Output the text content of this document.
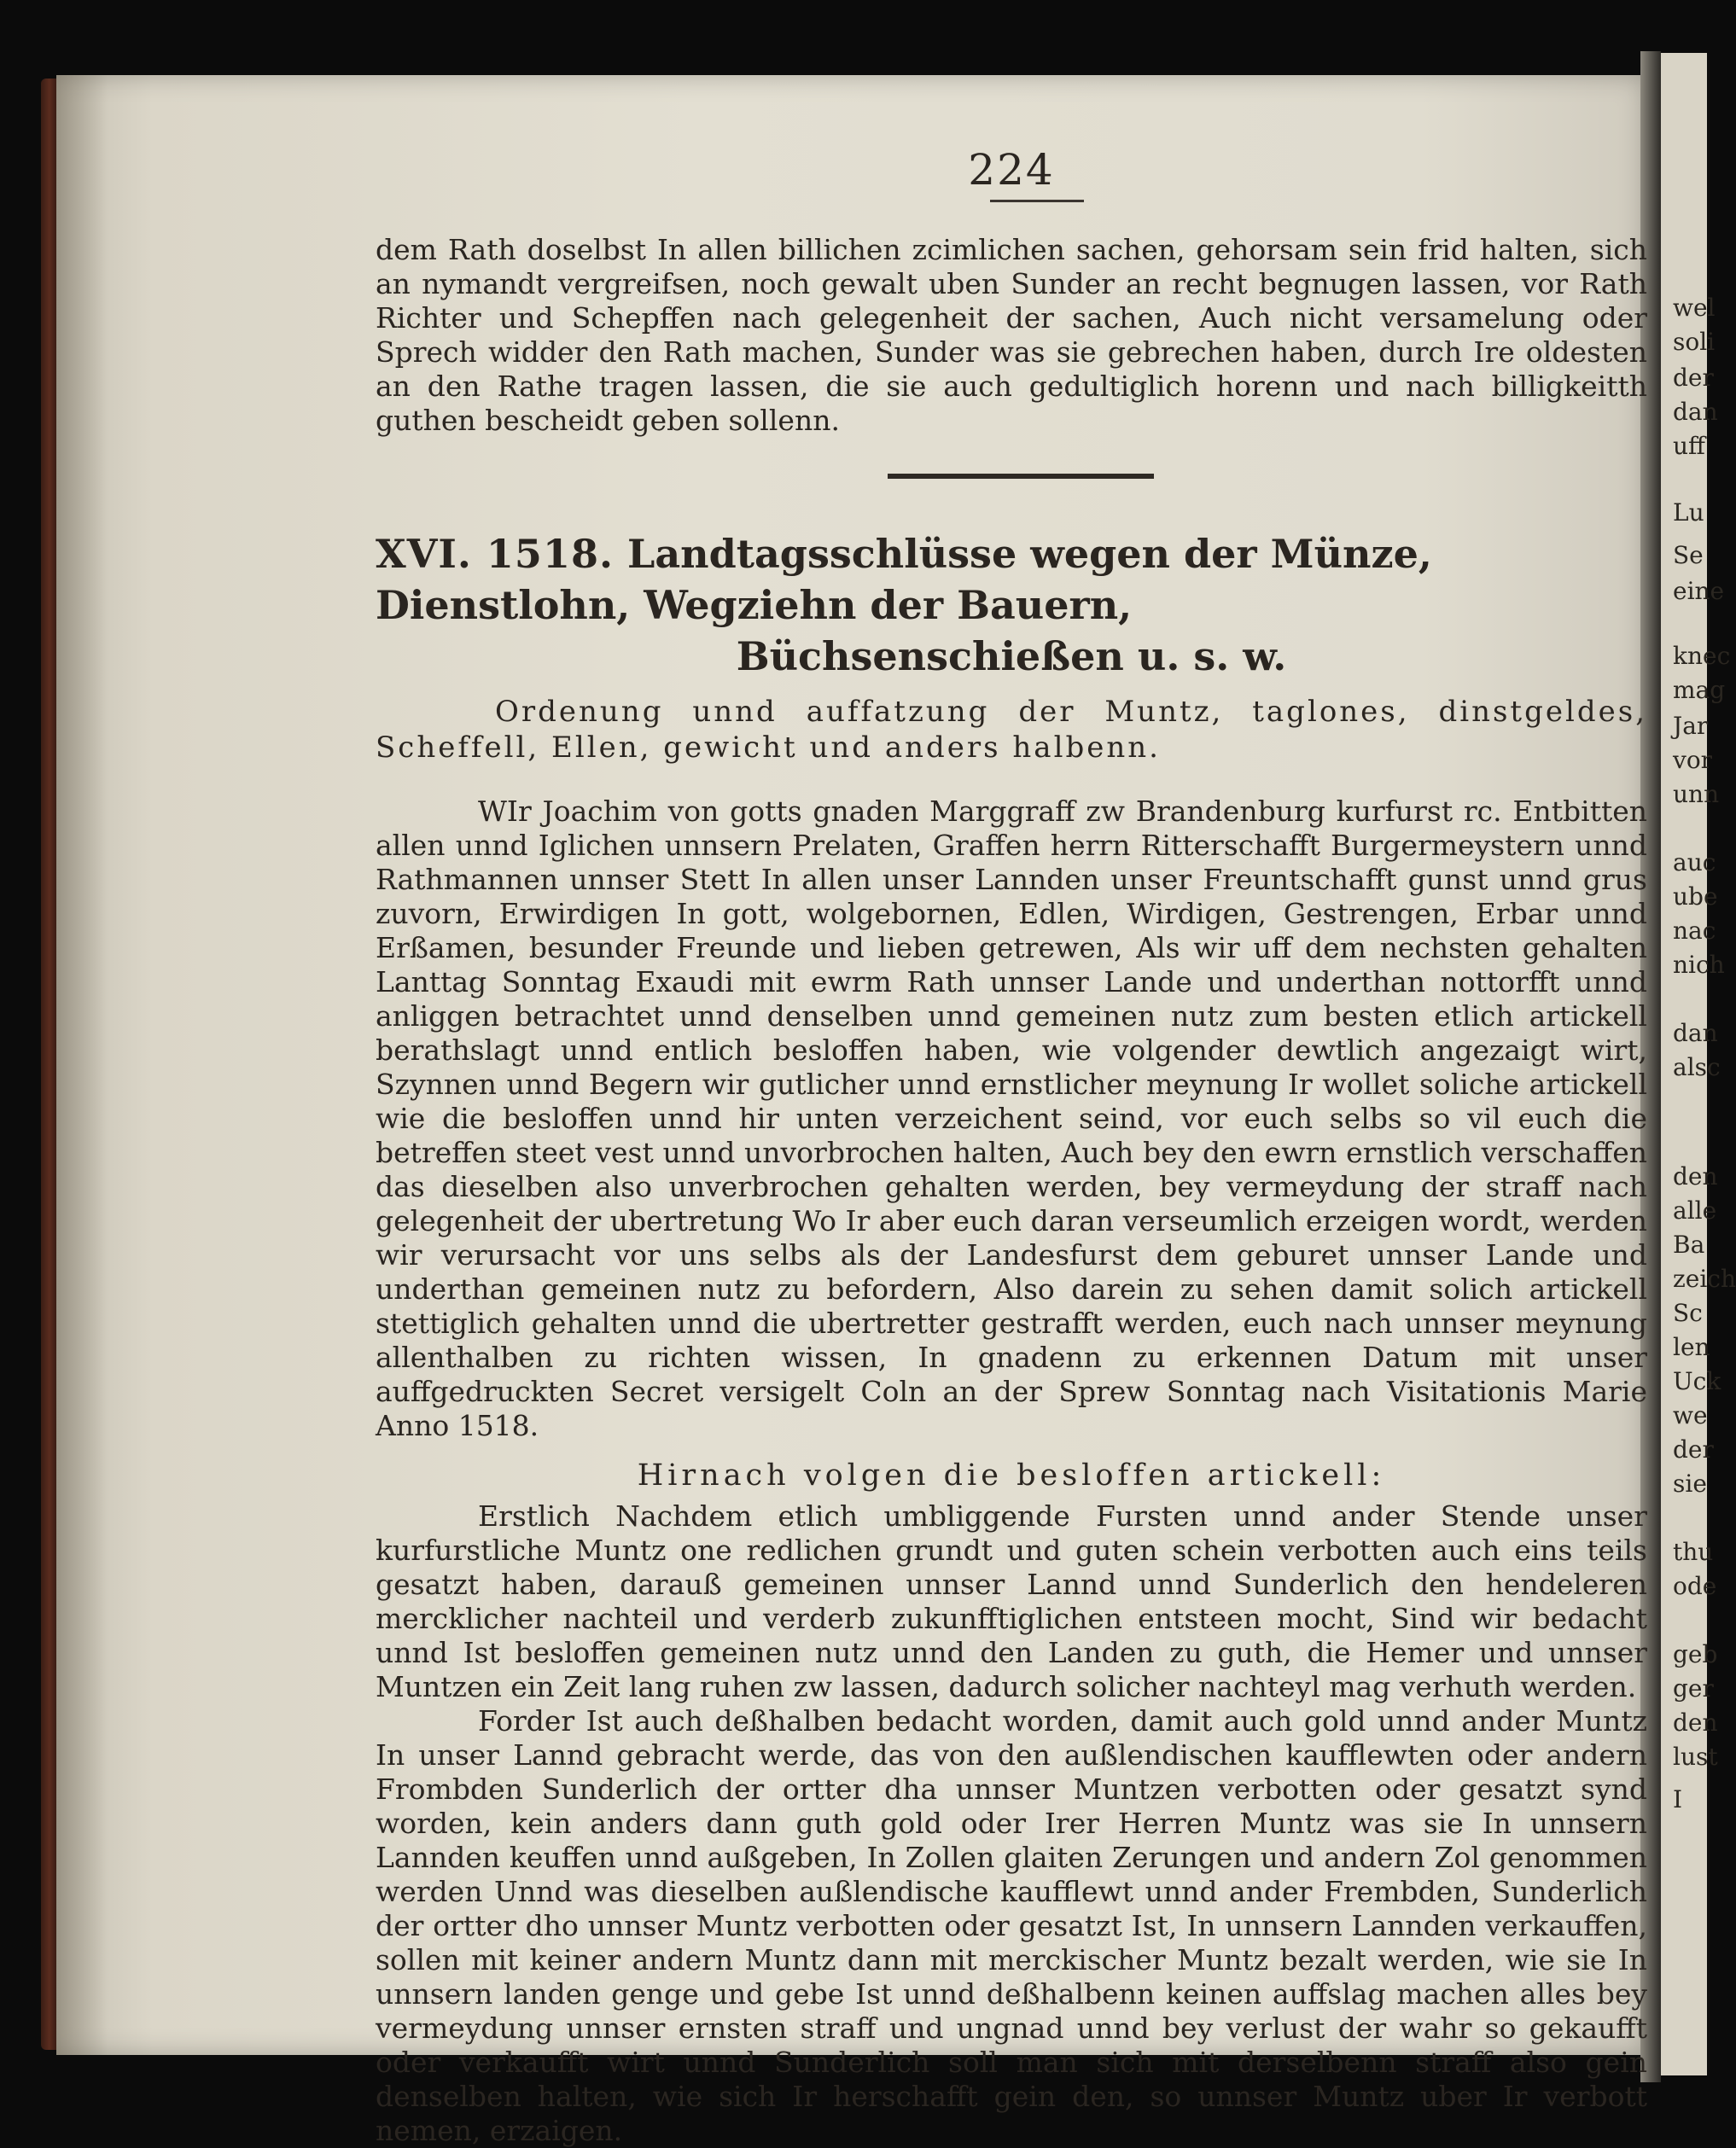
wel
soli
der
dan
uff
Lu
Se
eine
knec
mag
Jar
vor
unn
auc
ube
nac
nich
dan
alsc
den
alle
Ba
zeich
Sc
len
Uck
we
der
sie
thu
ode
geb
ger
den
lust
I
224

dem Rath doselbst In allen billichen zcimlichen sachen, gehorsam sein frid halten, sich an nymandt vergreifsen, noch gewalt uben Sunder an recht begnugen lassen, vor Rath Richter und Schepffen nach gelegenheit der sachen, Auch nicht versamelung oder Sprech widder den Rath machen, Sunder was sie gebrechen haben, durch Ire oldesten an den Rathe tragen lassen, die sie auch gedultiglich horenn und nach billigkeitth guthen bescheidt geben sollenn.

XVI. 1518. Landtagsschlüsse wegen der Münze, Dienstlohn, Wegziehn der Bauern,
Büchsenschießen u. s. w.

Ordenung unnd auffatzung der Muntz, taglones, dinstgeldes, Scheffell, Ellen, gewicht und anders halbenn.

WIr Joachim von gotts gnaden Marggraff zw Brandenburg kurfurst rc. Entbitten allen unnd Iglichen unnsern Prelaten, Graffen herrn Ritterschafft Burgermeystern unnd Rathmannen unnser Stett In allen unser Lannden unser Freuntschafft gunst unnd grus zuvorn, Erwirdigen In gott, wolgebornen, Edlen, Wirdigen, Gestrengen, Erbar unnd Erßamen, besunder Freunde und lieben getrewen, Als wir uff dem nechsten gehalten Lanttag Sonntag Exaudi mit ewrm Rath unnser Lande und underthan nottorfft unnd anliggen betrachtet unnd denselben unnd gemeinen nutz zum besten etlich artickell berathslagt unnd entlich besloffen haben, wie volgender dewtlich angezaigt wirt, Szynnen unnd Begern wir gutlicher unnd ernstlicher meynung Ir wollet soliche artickell wie die besloffen unnd hir unten verzeichent seind, vor euch selbs so vil euch die betreffen steet vest unnd unvorbrochen halten, Auch bey den ewrn ernstlich verschaffen das dieselben also unverbrochen gehalten werden, bey vermeydung der straff nach gelegenheit der ubertretung Wo Ir aber euch daran verseumlich erzeigen wordt, werden wir verursacht vor uns selbs als der Landesfurst dem geburet unnser Lande und underthan gemeinen nutz zu befordern, Also darein zu sehen damit solich artickell stettiglich gehalten unnd die ubertretter gestrafft werden, euch nach unnser meynung allenthalben zu richten wissen, In gnadenn zu erkennen Datum mit unser auffgedruckten Secret versigelt Coln an der Sprew Sonntag nach Visitationis Marie Anno 1518.

Hirnach volgen die besloffen artickell:

Erstlich Nachdem etlich umbliggende Fursten unnd ander Stende unser kurfurstliche Muntz one redlichen grundt und guten schein verbotten auch eins teils gesatzt haben, darauß gemeinen unnser Lannd unnd Sunderlich den hendeleren mercklicher nachteil und verderb zukunfftiglichen entsteen mocht, Sind wir bedacht unnd Ist besloffen gemeinen nutz unnd den Landen zu guth, die Hemer und unnser Muntzen ein Zeit lang ruhen zw lassen, dadurch solicher nachteyl mag verhuth werden.

Forder Ist auch deßhalben bedacht worden, damit auch gold unnd ander Muntz In unser Lannd gebracht werde, das von den außlendischen kaufflewten oder andern Frombden Sunderlich der ortter dha unnser Muntzen verbotten oder gesatzt synd worden, kein anders dann guth gold oder Irer Herren Muntz was sie In unnsern Lannden keuffen unnd außgeben, In Zollen glaiten Zerungen und andern Zol genommen werden Unnd was dieselben außlendische kaufflewt unnd ander Frembden, Sunderlich der ortter dho unnser Muntz verbotten oder gesatzt Ist, In unnsern Lannden verkauffen, sollen mit keiner andern Muntz dann mit merckischer Muntz bezalt werden, wie sie In unnsern landen genge und gebe Ist unnd deßhalbenn keinen auffslag machen alles bey vermeydung unnser ernsten straff und ungnad unnd bey verlust der wahr so gekaufft oder verkaufft wirt unnd Sunderlich soll man sich mit derselbenn straff also gein denselben halten, wie sich Ir herschafft gein den, so unnser Muntz uber Ir verbott nemen, erzaigen.
